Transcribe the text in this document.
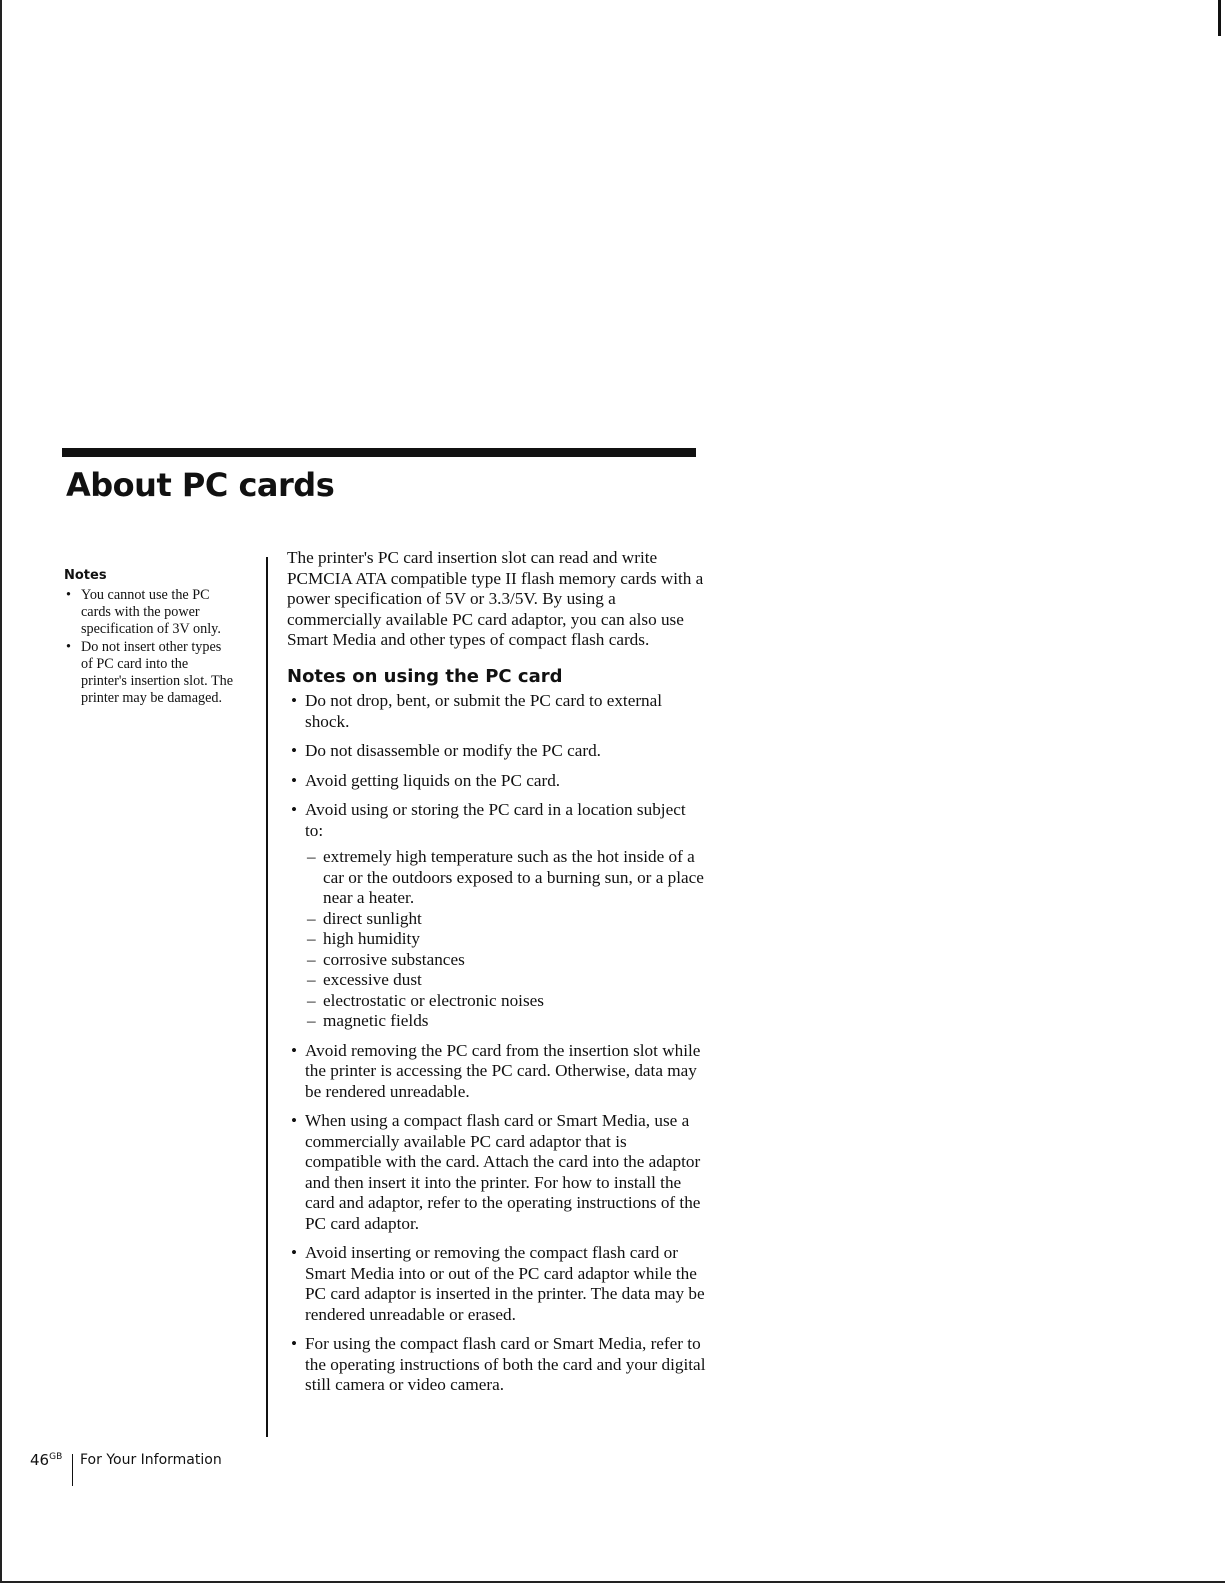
About PC cards
Notes
• You cannot use the PC cards with the power specification of 3V only.
• Do not insert other types of PC card into the printer's insertion slot. The printer may be damaged.

The printer's PC card insertion slot can read and write PCMCIA ATA compatible type II flash memory cards with a power specification of 5V or 3.3/5V. By using a commercially available PC card adaptor, you can also use Smart Media and other types of compact flash cards.

Notes on using the PC card
• Do not drop, bent, or submit the PC card to external shock.
• Do not disassemble or modify the PC card.
• Avoid getting liquids on the PC card.
• Avoid using or storing the PC card in a location subject to:
– extremely high temperature such as the hot inside of a car or the outdoors exposed to a burning sun, or a place near a heater.
– direct sunlight
– high humidity
– corrosive substances
– excessive dust
– electrostatic or electronic noises
– magnetic fields
• Avoid removing the PC card from the insertion slot while the printer is accessing the PC card. Otherwise, data may be rendered unreadable.
• When using a compact flash card or Smart Media, use a commercially available PC card adaptor that is compatible with the card. Attach the card into the adaptor and then insert it into the printer. For how to install the card and adaptor, refer to the operating instructions of the PC card adaptor.
• Avoid inserting or removing the compact flash card or Smart Media into or out of the PC card adaptor while the PC card adaptor is inserted in the printer. The data may be rendered unreadable or erased.
• For using the compact flash card or Smart Media, refer to the operating instructions of both the card and your digital still camera or video camera.
$46^{GB}$ For Your Information
